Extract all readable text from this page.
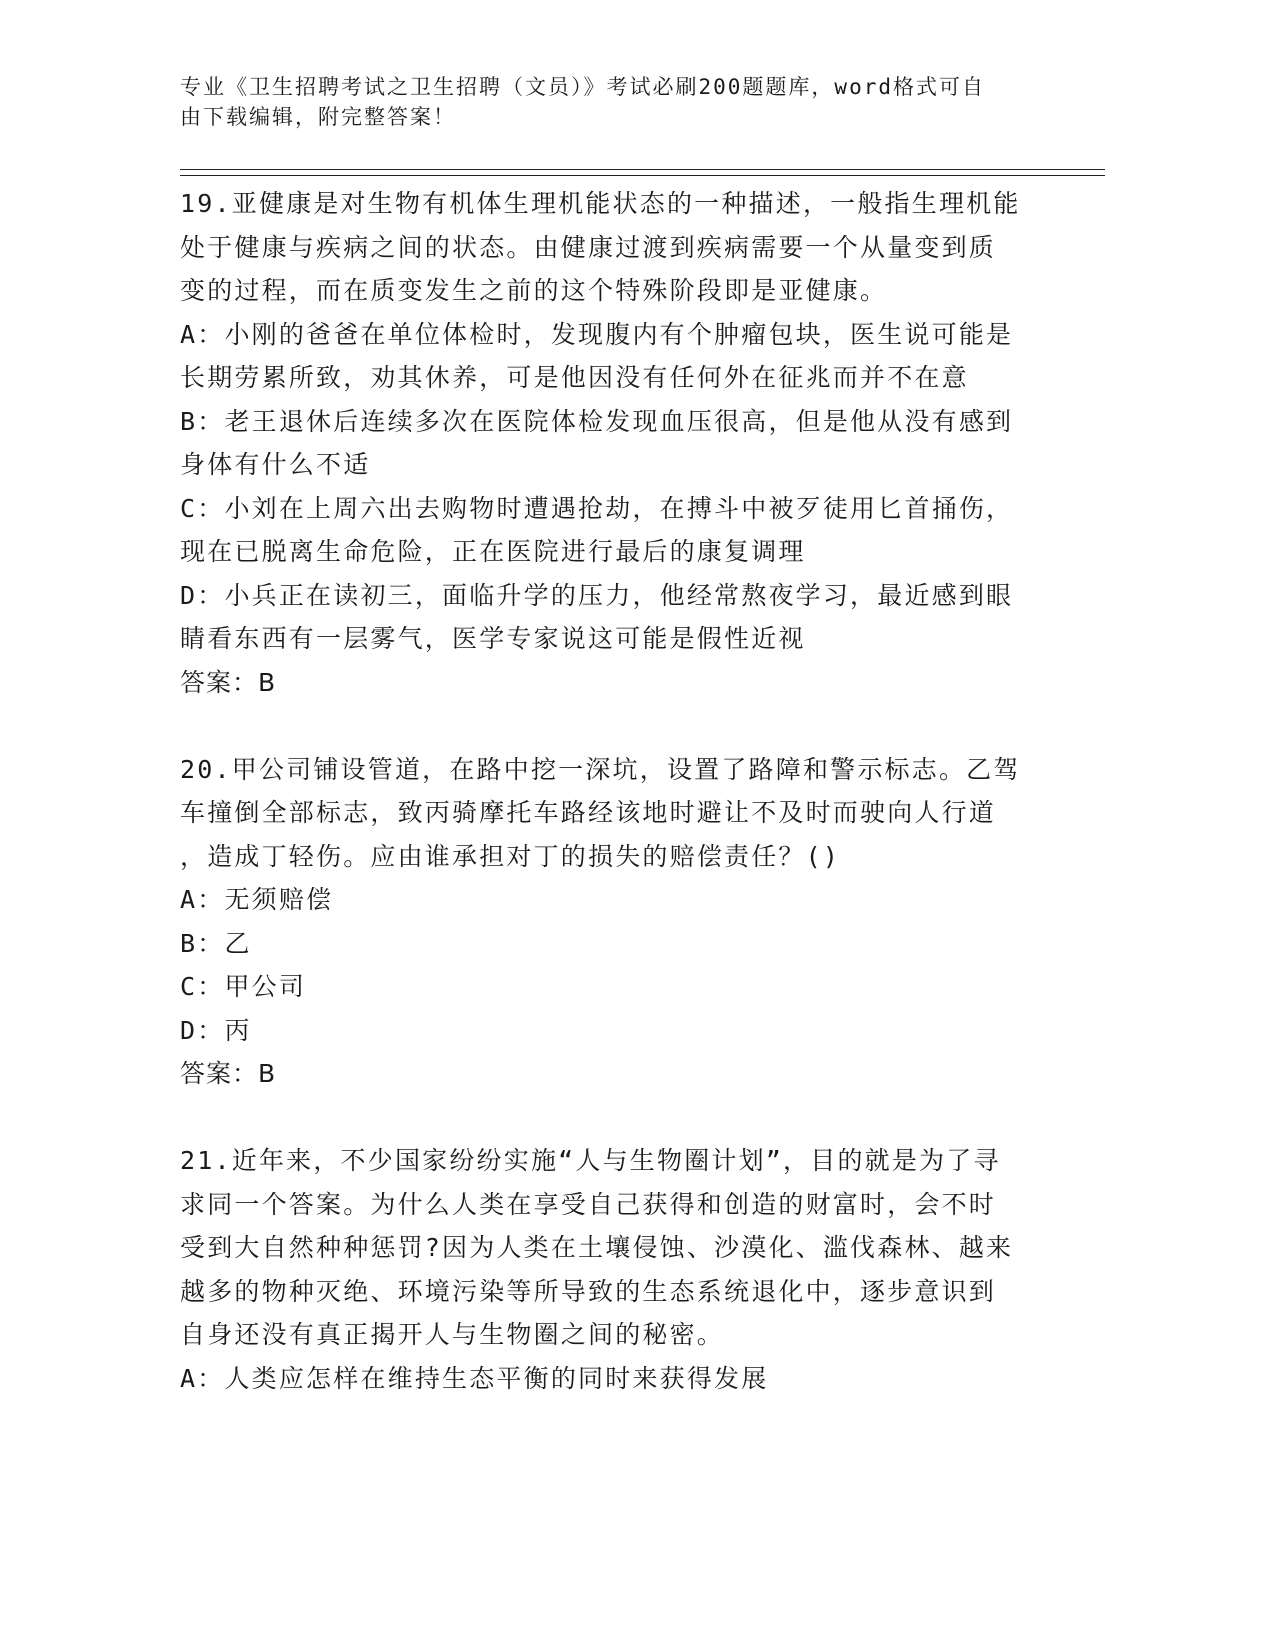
专业《卫生招聘考试之卫生招聘（文员）》考试必刷200题题库，word格式可自
由下载编辑，附完整答案！
19.亚健康是对生物有机体生理机能状态的一种描述，一般指生理机能
处于健康与疾病之间的状态。由健康过渡到疾病需要一个从量变到质
变的过程，而在质变发生之前的这个特殊阶段即是亚健康。
A：小刚的爸爸在单位体检时，发现腹内有个肿瘤包块，医生说可能是
长期劳累所致，劝其休养，可是他因没有任何外在征兆而并不在意
B：老王退休后连续多次在医院体检发现血压很高，但是他从没有感到
身体有什么不适
C：小刘在上周六出去购物时遭遇抢劫，在搏斗中被歹徒用匕首捅伤，
现在已脱离生命危险，正在医院进行最后的康复调理
D：小兵正在读初三，面临升学的压力，他经常熬夜学习，最近感到眼
睛看东西有一层雾气，医学专家说这可能是假性近视
答案：B
20.甲公司铺设管道，在路中挖一深坑，设置了路障和警示标志。乙驾
车撞倒全部标志，致丙骑摩托车路经该地时避让不及时而驶向人行道
，造成丁轻伤。应由谁承担对丁的损失的赔偿责任？()
A：无须赔偿
B：乙
C：甲公司
D：丙
答案：B
21.近年来，不少国家纷纷实施“人与生物圈计划”，目的就是为了寻
求同一个答案。为什么人类在享受自己获得和创造的财富时，会不时
受到大自然种种惩罚?因为人类在土壤侵蚀、沙漠化、滥伐森林、越来
越多的物种灭绝、环境污染等所导致的生态系统退化中，逐步意识到
自身还没有真正揭开人与生物圈之间的秘密。
A：人类应怎样在维持生态平衡的同时来获得发展
